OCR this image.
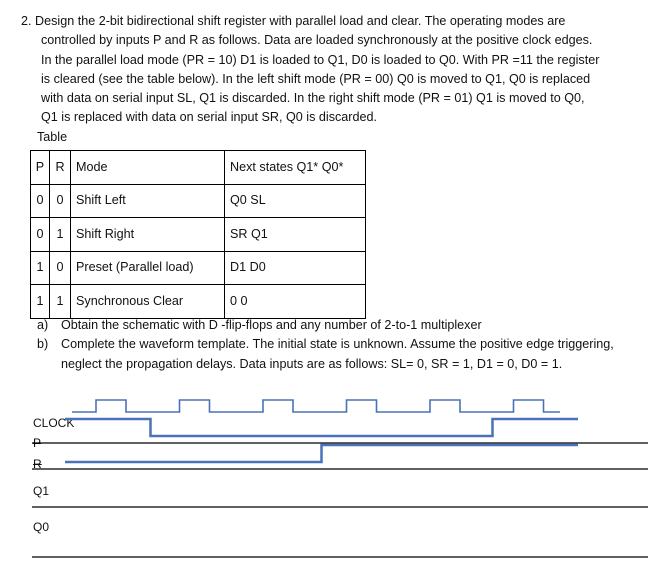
2. Design the 2-bit bidirectional shift register with parallel load and clear. The operating modes are
controlled by inputs P and R as follows. Data are loaded synchronously at the positive clock edges.
In the parallel load mode (PR = 10) D1 is loaded to Q1, D0 is loaded to Q0. With PR =11 the register
is cleared (see the table below). In the left shift mode (PR = 00) Q0 is moved to Q1, Q0 is replaced
with data on serial input SL, Q1 is discarded. In the right shift mode (PR = 01) Q1 is moved to Q0,
Q1 is replaced with data on serial input SR, Q0 is discarded.
Table
P	R	Mode	Next states Q1* Q0*
0	0	Shift Left	Q0 SL
0	1	Shift Right	SR Q1
1	0	Preset (Parallel load)	D1 D0
1	1	Synchronous Clear	0 0
a)	Obtain the schematic with D -flip-flops and any number of 2-to-1 multiplexer
b)	Complete the waveform template. The initial state is unknown. Assume the positive edge triggering, neglect the propagation delays. Data inputs are as follows: SL= 0, SR = 1, D1 = 0, D0 = 1.
CLOCK
P
R
Q1
Q0
